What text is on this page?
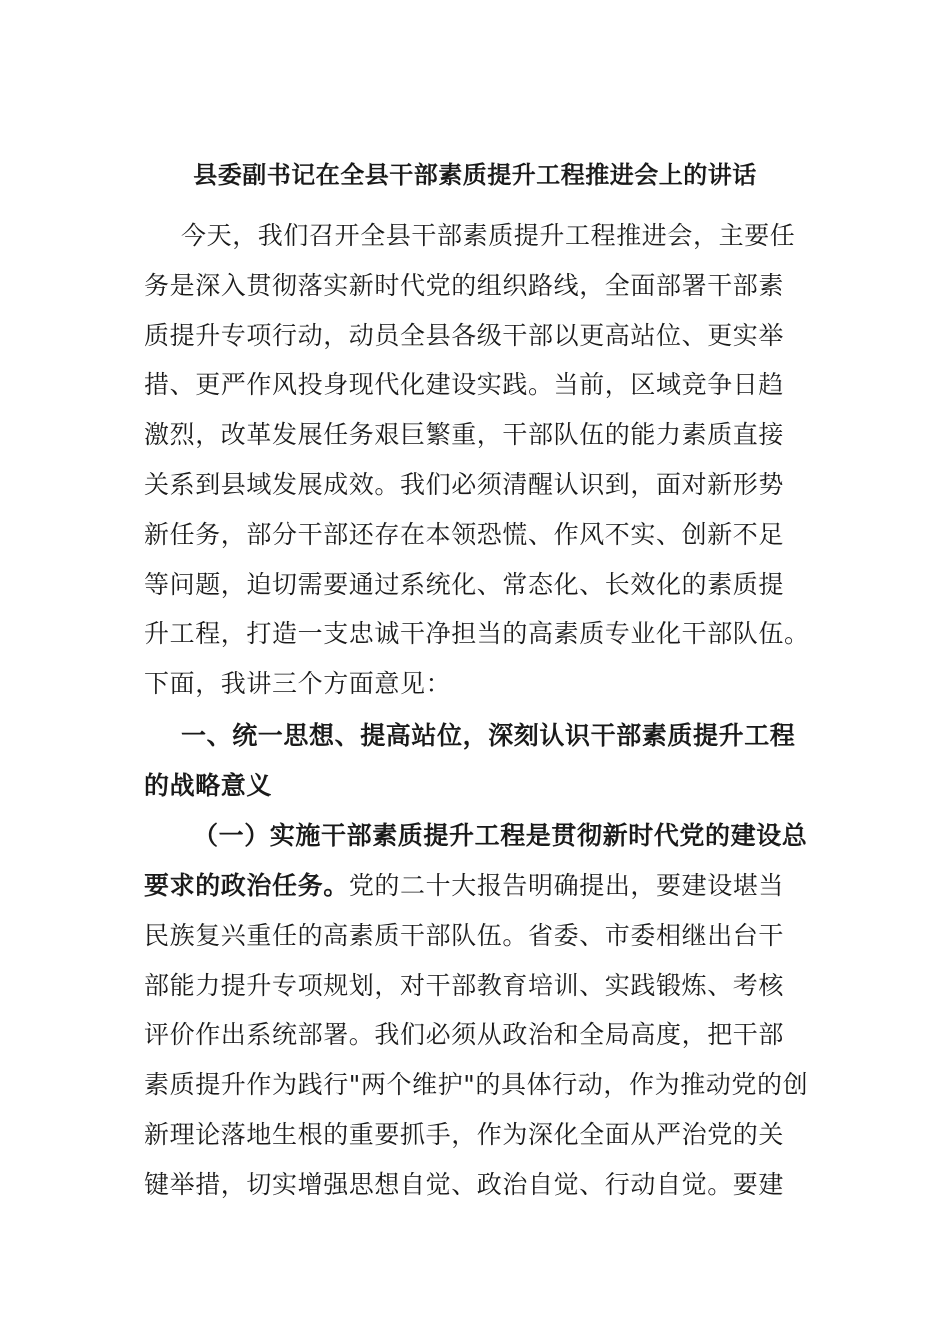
县委副书记在全县干部素质提升工程推进会上的讲话
今天，我们召开全县干部素质提升工程推进会，主要任
务是深入贯彻落实新时代党的组织路线，全面部署干部素
质提升专项行动，动员全县各级干部以更高站位、更实举
措、更严作风投身现代化建设实践。当前，区域竞争日趋
激烈，改革发展任务艰巨繁重，干部队伍的能力素质直接
关系到县域发展成效。我们必须清醒认识到，面对新形势
新任务，部分干部还存在本领恐慌、作风不实、创新不足
等问题，迫切需要通过系统化、常态化、长效化的素质提
升工程，打造一支忠诚干净担当的高素质专业化干部队伍。
下面，我讲三个方面意见：
一、统一思想、提高站位，深刻认识干部素质提升工程
的战略意义
（一）实施干部素质提升工程是贯彻新时代党的建设总
要求的政治任务。党的二十大报告明确提出，要建设堪当
民族复兴重任的高素质干部队伍。省委、市委相继出台干
部能力提升专项规划，对干部教育培训、实践锻炼、考核
评价作出系统部署。我们必须从政治和全局高度，把干部
素质提升作为践行"两个维护"的具体行动，作为推动党的创
新理论落地生根的重要抓手，作为深化全面从严治党的关
键举措，切实增强思想自觉、政治自觉、行动自觉。要建
